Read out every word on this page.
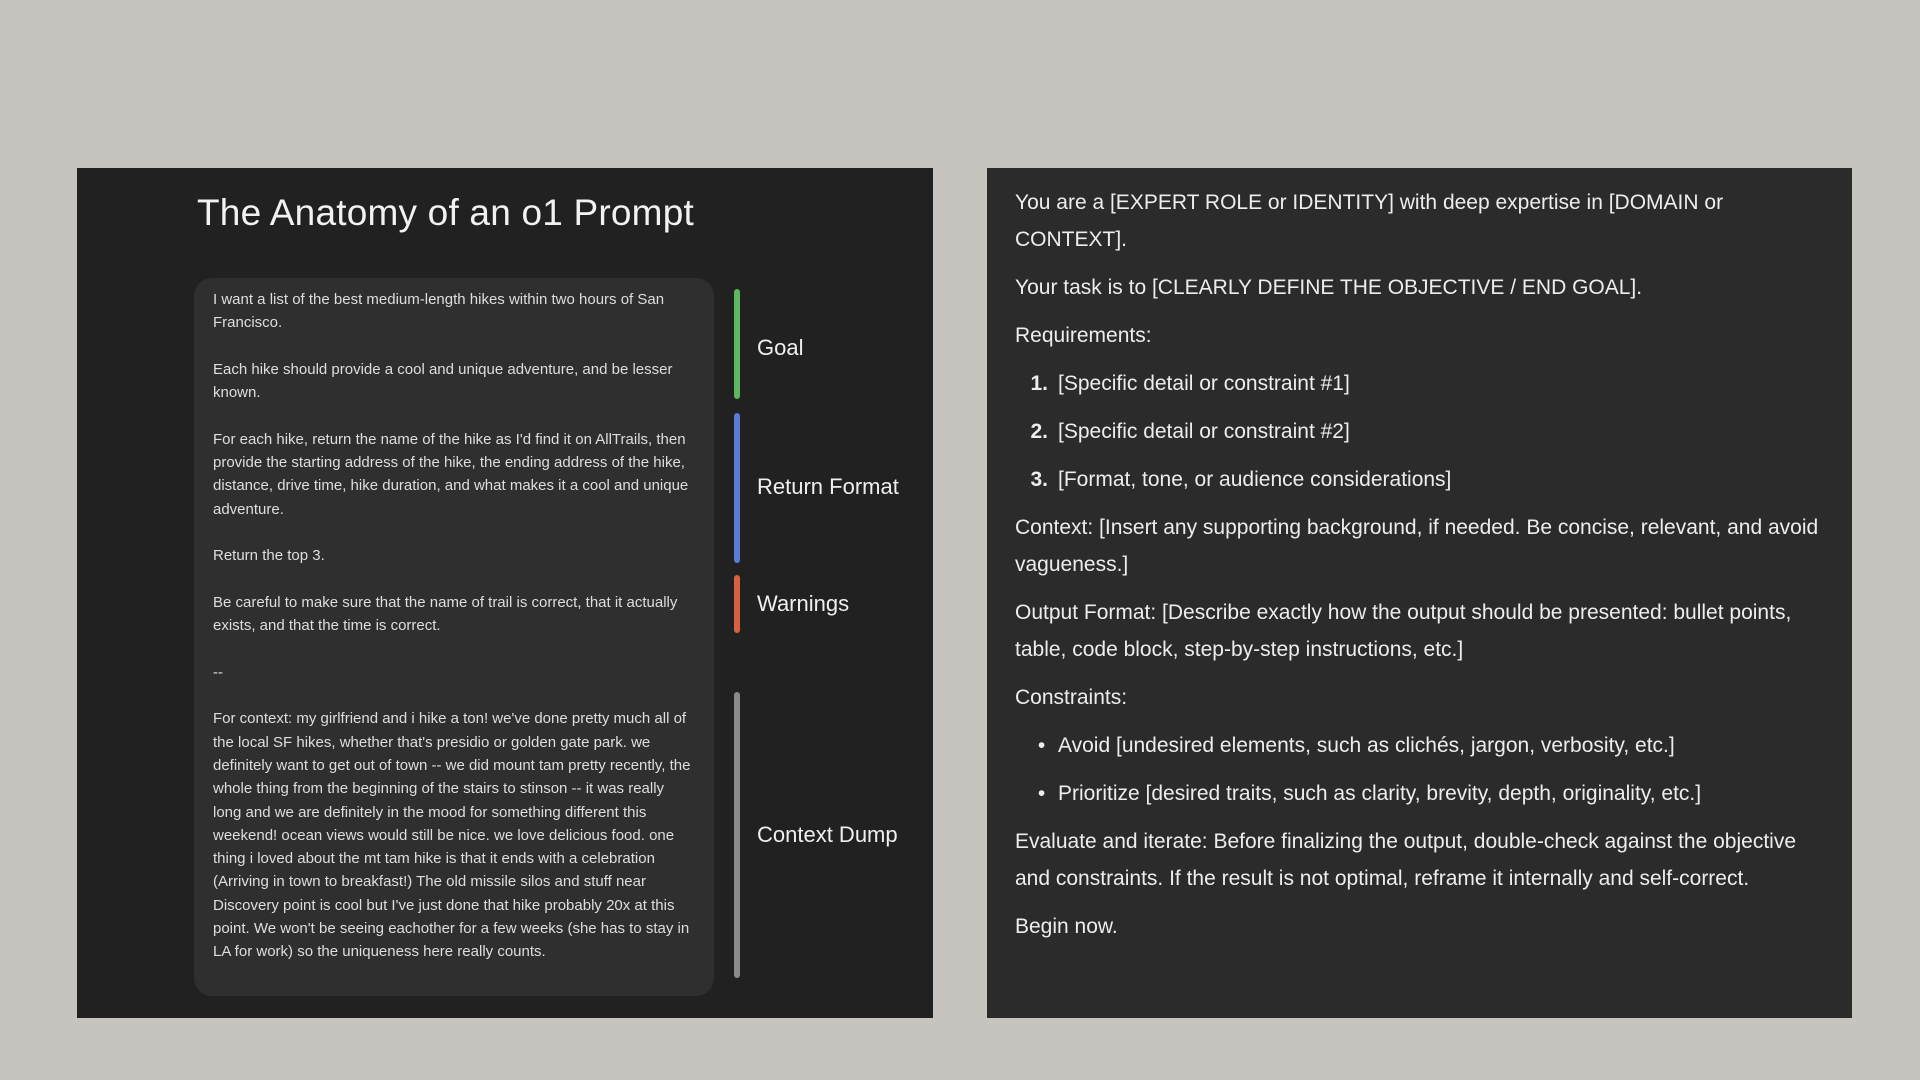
The Anatomy of an o1 Prompt

I want a list of the best medium-length hikes within two hours of San Francisco.

Each hike should provide a cool and unique adventure, and be lesser known.

For each hike, return the name of the hike as I'd find it on AllTrails, then provide the starting address of the hike, the ending address of the hike, distance, drive time, hike duration, and what makes it a cool and unique adventure.

Return the top 3.

Be careful to make sure that the name of trail is correct, that it actually exists, and that the time is correct.

--

For context: my girlfriend and i hike a ton! we've done pretty much all of the local SF hikes, whether that's presidio or golden gate park. we definitely want to get out of town -- we did mount tam pretty recently, the whole thing from the beginning of the stairs to stinson -- it was really long and we are definitely in the mood for something different this weekend! ocean views would still be nice. we love delicious food. one thing i loved about the mt tam hike is that it ends with a celebration (Arriving in town to breakfast!) The old missile silos and stuff near Discovery point is cool but I've just done that hike probably 20x at this point. We won't be seeing eachother for a few weeks (she has to stay in LA for work) so the uniqueness here really counts.

Goal
Return Format
Warnings
Context Dump

You are a [EXPERT ROLE or IDENTITY] with deep expertise in [DOMAIN or CONTEXT].

Your task is to [CLEARLY DEFINE THE OBJECTIVE / END GOAL].

Requirements:

1. [Specific detail or constraint #1]
2. [Specific detail or constraint #2]
3. [Format, tone, or audience considerations]

Context: [Insert any supporting background, if needed. Be concise, relevant, and avoid vagueness.]

Output Format: [Describe exactly how the output should be presented: bullet points, table, code block, step-by-step instructions, etc.]

Constraints:

• Avoid [undesired elements, such as clichés, jargon, verbosity, etc.]
• Prioritize [desired traits, such as clarity, brevity, depth, originality, etc.]

Evaluate and iterate: Before finalizing the output, double-check against the objective and constraints. If the result is not optimal, reframe it internally and self-correct.

Begin now.
